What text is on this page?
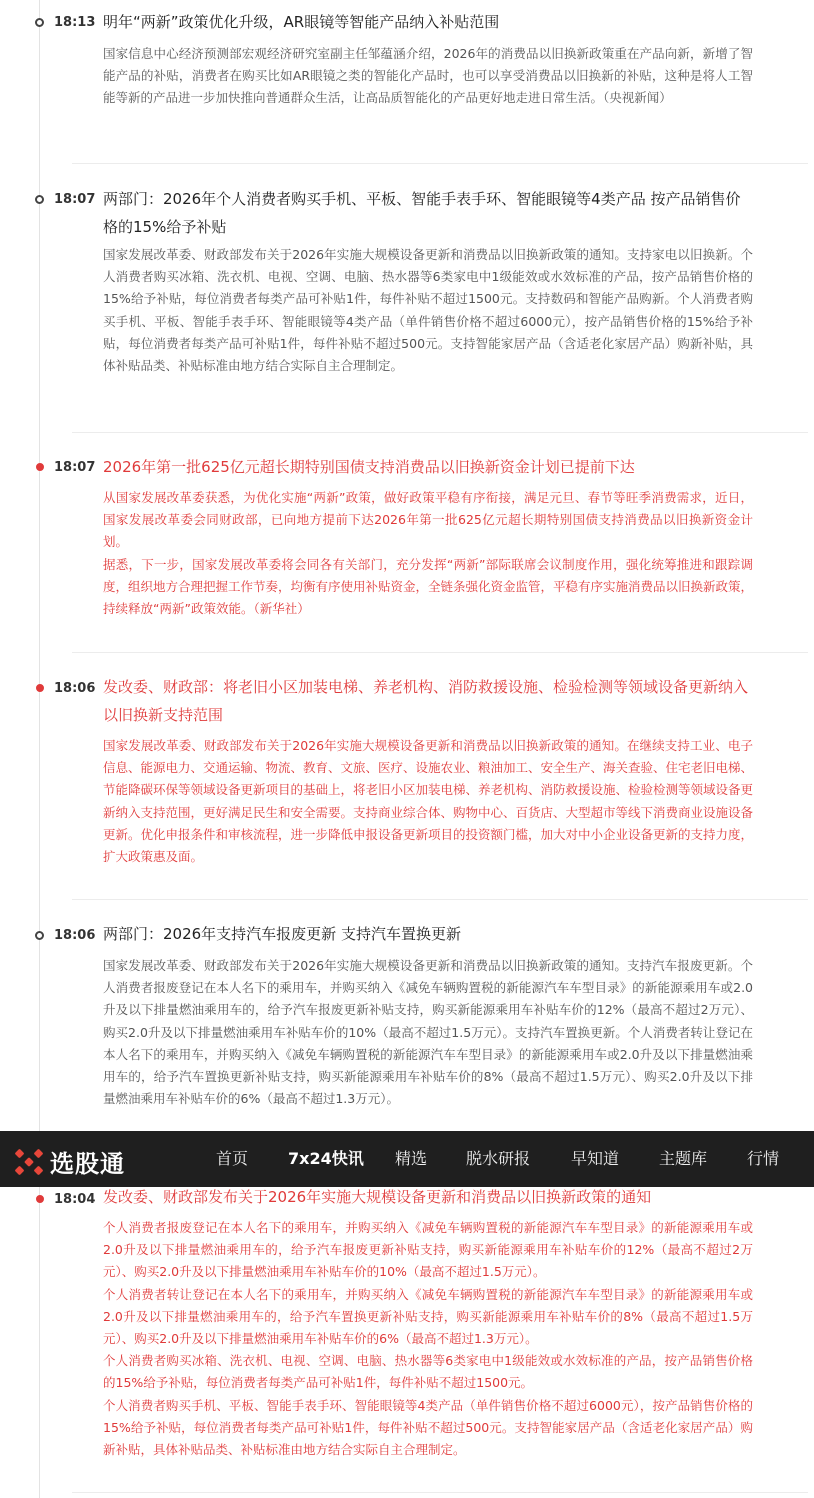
18:13 明年“两新”政策优化升级，AR眼镜等智能产品纳入补贴范围

国家信息中心经济预测部宏观经济研究室副主任邹蕴涵介绍，2026年的消费品以旧换新政策重在产品向新，新增了智能产品的补贴，消费者在购买比如AR眼镜之类的智能化产品时，也可以享受消费品以旧换新的补贴，这种是将人工智能等新的产品进一步加快推向普通群众生活，让高品质智能化的产品更好地走进日常生活。（央视新闻）

18:07 两部门：2026年个人消费者购买手机、平板、智能手表手环、智能眼镜等4类产品 按产品销售价格的15%给予补贴

国家发展改革委、财政部发布关于2026年实施大规模设备更新和消费品以旧换新政策的通知。支持家电以旧换新。个人消费者购买冰箱、洗衣机、电视、空调、电脑、热水器等6类家电中1级能效或水效标准的产品，按产品销售价格的15%给予补贴，每位消费者每类产品可补贴1件，每件补贴不超过1500元。支持数码和智能产品购新。个人消费者购买手机、平板、智能手表手环、智能眼镜等4类产品（单件销售价格不超过6000元），按产品销售价格的15%给予补贴，每位消费者每类产品可补贴1件，每件补贴不超过500元。支持智能家居产品（含适老化家居产品）购新补贴，具体补贴品类、补贴标准由地方结合实际自主合理制定。

18:07 2026年第一批625亿元超长期特别国债支持消费品以旧换新资金计划已提前下达

从国家发展改革委获悉，为优化实施“两新”政策，做好政策平稳有序衔接，满足元旦、春节等旺季消费需求，近日，国家发展改革委会同财政部，已向地方提前下达2026年第一批625亿元超长期特别国债支持消费品以旧换新资金计划。

据悉，下一步，国家发展改革委将会同各有关部门，充分发挥“两新”部际联席会议制度作用，强化统筹推进和跟踪调度，组织地方合理把握工作节奏，均衡有序使用补贴资金，全链条强化资金监管，平稳有序实施消费品以旧换新政策，持续释放“两新”政策效能。（新华社）

18:06 发改委、财政部：将老旧小区加装电梯、养老机构、消防救援设施、检验检测等领域设备更新纳入以旧换新支持范围

国家发展改革委、财政部发布关于2026年实施大规模设备更新和消费品以旧换新政策的通知。在继续支持工业、电子信息、能源电力、交通运输、物流、教育、文旅、医疗、设施农业、粮油加工、安全生产、海关查验、住宅老旧电梯、节能降碳环保等领域设备更新项目的基础上，将老旧小区加装电梯、养老机构、消防救援设施、检验检测等领域设备更新纳入支持范围，更好满足民生和安全需要。支持商业综合体、购物中心、百货店、大型超市等线下消费商业设施设备更新。优化申报条件和审核流程，进一步降低申报设备更新项目的投资额门槛，加大对中小企业设备更新的支持力度，扩大政策惠及面。

18:06 两部门：2026年支持汽车报废更新 支持汽车置换更新

国家发展改革委、财政部发布关于2026年实施大规模设备更新和消费品以旧换新政策的通知。支持汽车报废更新。个人消费者报废登记在本人名下的乘用车，并购买纳入《减免车辆购置税的新能源汽车车型目录》的新能源乘用车或2.0升及以下排量燃油乘用车的，给予汽车报废更新补贴支持，购买新能源乘用车补贴车价的12%（最高不超过2万元）、购买2.0升及以下排量燃油乘用车补贴车价的10%（最高不超过1.5万元）。支持汽车置换更新。个人消费者转让登记在本人名下的乘用车，并购买纳入《减免车辆购置税的新能源汽车车型目录》的新能源乘用车或2.0升及以下排量燃油乘用车的，给予汽车置换更新补贴支持，购买新能源乘用车补贴车价的8%（最高不超过1.5万元）、购买2.0升及以下排量燃油乘用车补贴车价的6%（最高不超过1.3万元）。

18:04 发改委、财政部发布关于2026年实施大规模设备更新和消费品以旧换新政策的通知

个人消费者报废登记在本人名下的乘用车，并购买纳入《减免车辆购置税的新能源汽车车型目录》的新能源乘用车或2.0升及以下排量燃油乘用车的，给予汽车报废更新补贴支持，购买新能源乘用车补贴车价的12%（最高不超过2万元）、购买2.0升及以下排量燃油乘用车补贴车价的10%（最高不超过1.5万元）。

个人消费者转让登记在本人名下的乘用车，并购买纳入《减免车辆购置税的新能源汽车车型目录》的新能源乘用车或2.0升及以下排量燃油乘用车的，给予汽车置换更新补贴支持，购买新能源乘用车补贴车价的8%（最高不超过1.5万元）、购买2.0升及以下排量燃油乘用车补贴车价的6%（最高不超过1.3万元）。

个人消费者购买冰箱、洗衣机、电视、空调、电脑、热水器等6类家电中1级能效或水效标准的产品，按产品销售价格的15%给予补贴，每位消费者每类产品可补贴1件，每件补贴不超过1500元。

个人消费者购买手机、平板、智能手表手环、智能眼镜等4类产品（单件销售价格不超过6000元），按产品销售价格的15%给予补贴，每位消费者每类产品可补贴1件，每件补贴不超过500元。支持智能家居产品（含适老化家居产品）购新补贴，具体补贴品类、补贴标准由地方结合实际自主合理制定。

选股通	首页 7x24快讯 精选 脱水研报	早知道 主题库 行情
